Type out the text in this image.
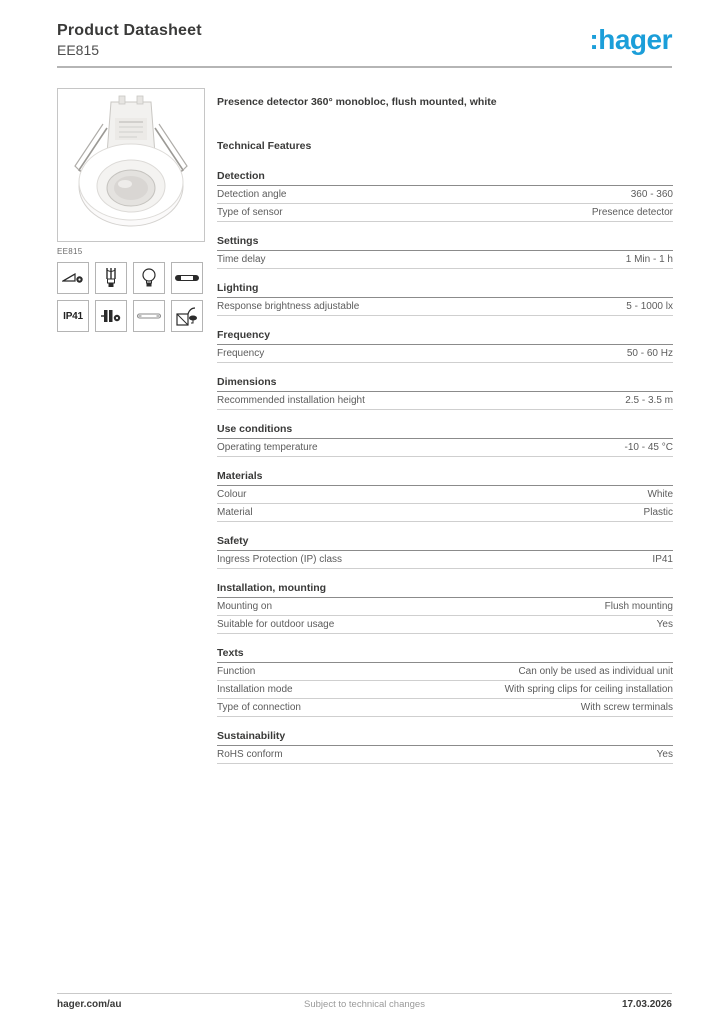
Product Datasheet
EE815	:hager
EE815
IP41
Presence detector 360° monobloc, flush mounted, white
Technical Features
Detection
Detection angle	360 - 360
Type of sensor	Presence detector
Settings
Time delay	1 Min - 1 h
Lighting
Response brightness adjustable	5 - 1000 lx
Frequency
Frequency	50 - 60 Hz
Dimensions
Recommended installation height	2.5 - 3.5 m
Use conditions
Operating temperature	-10 - 45 °C
Materials
Colour	White
Material	Plastic
Safety
Ingress Protection (IP) class	IP41
Installation, mounting
Mounting on	Flush mounting
Suitable for outdoor usage	Yes
Texts
Function	Can only be used as individual unit
Installation mode	With spring clips for ceiling installation
Type of connection	With screw terminals
Sustainability
RoHS conform	Yes
Subject to technical changes
hager.com/au	17.03.2026
